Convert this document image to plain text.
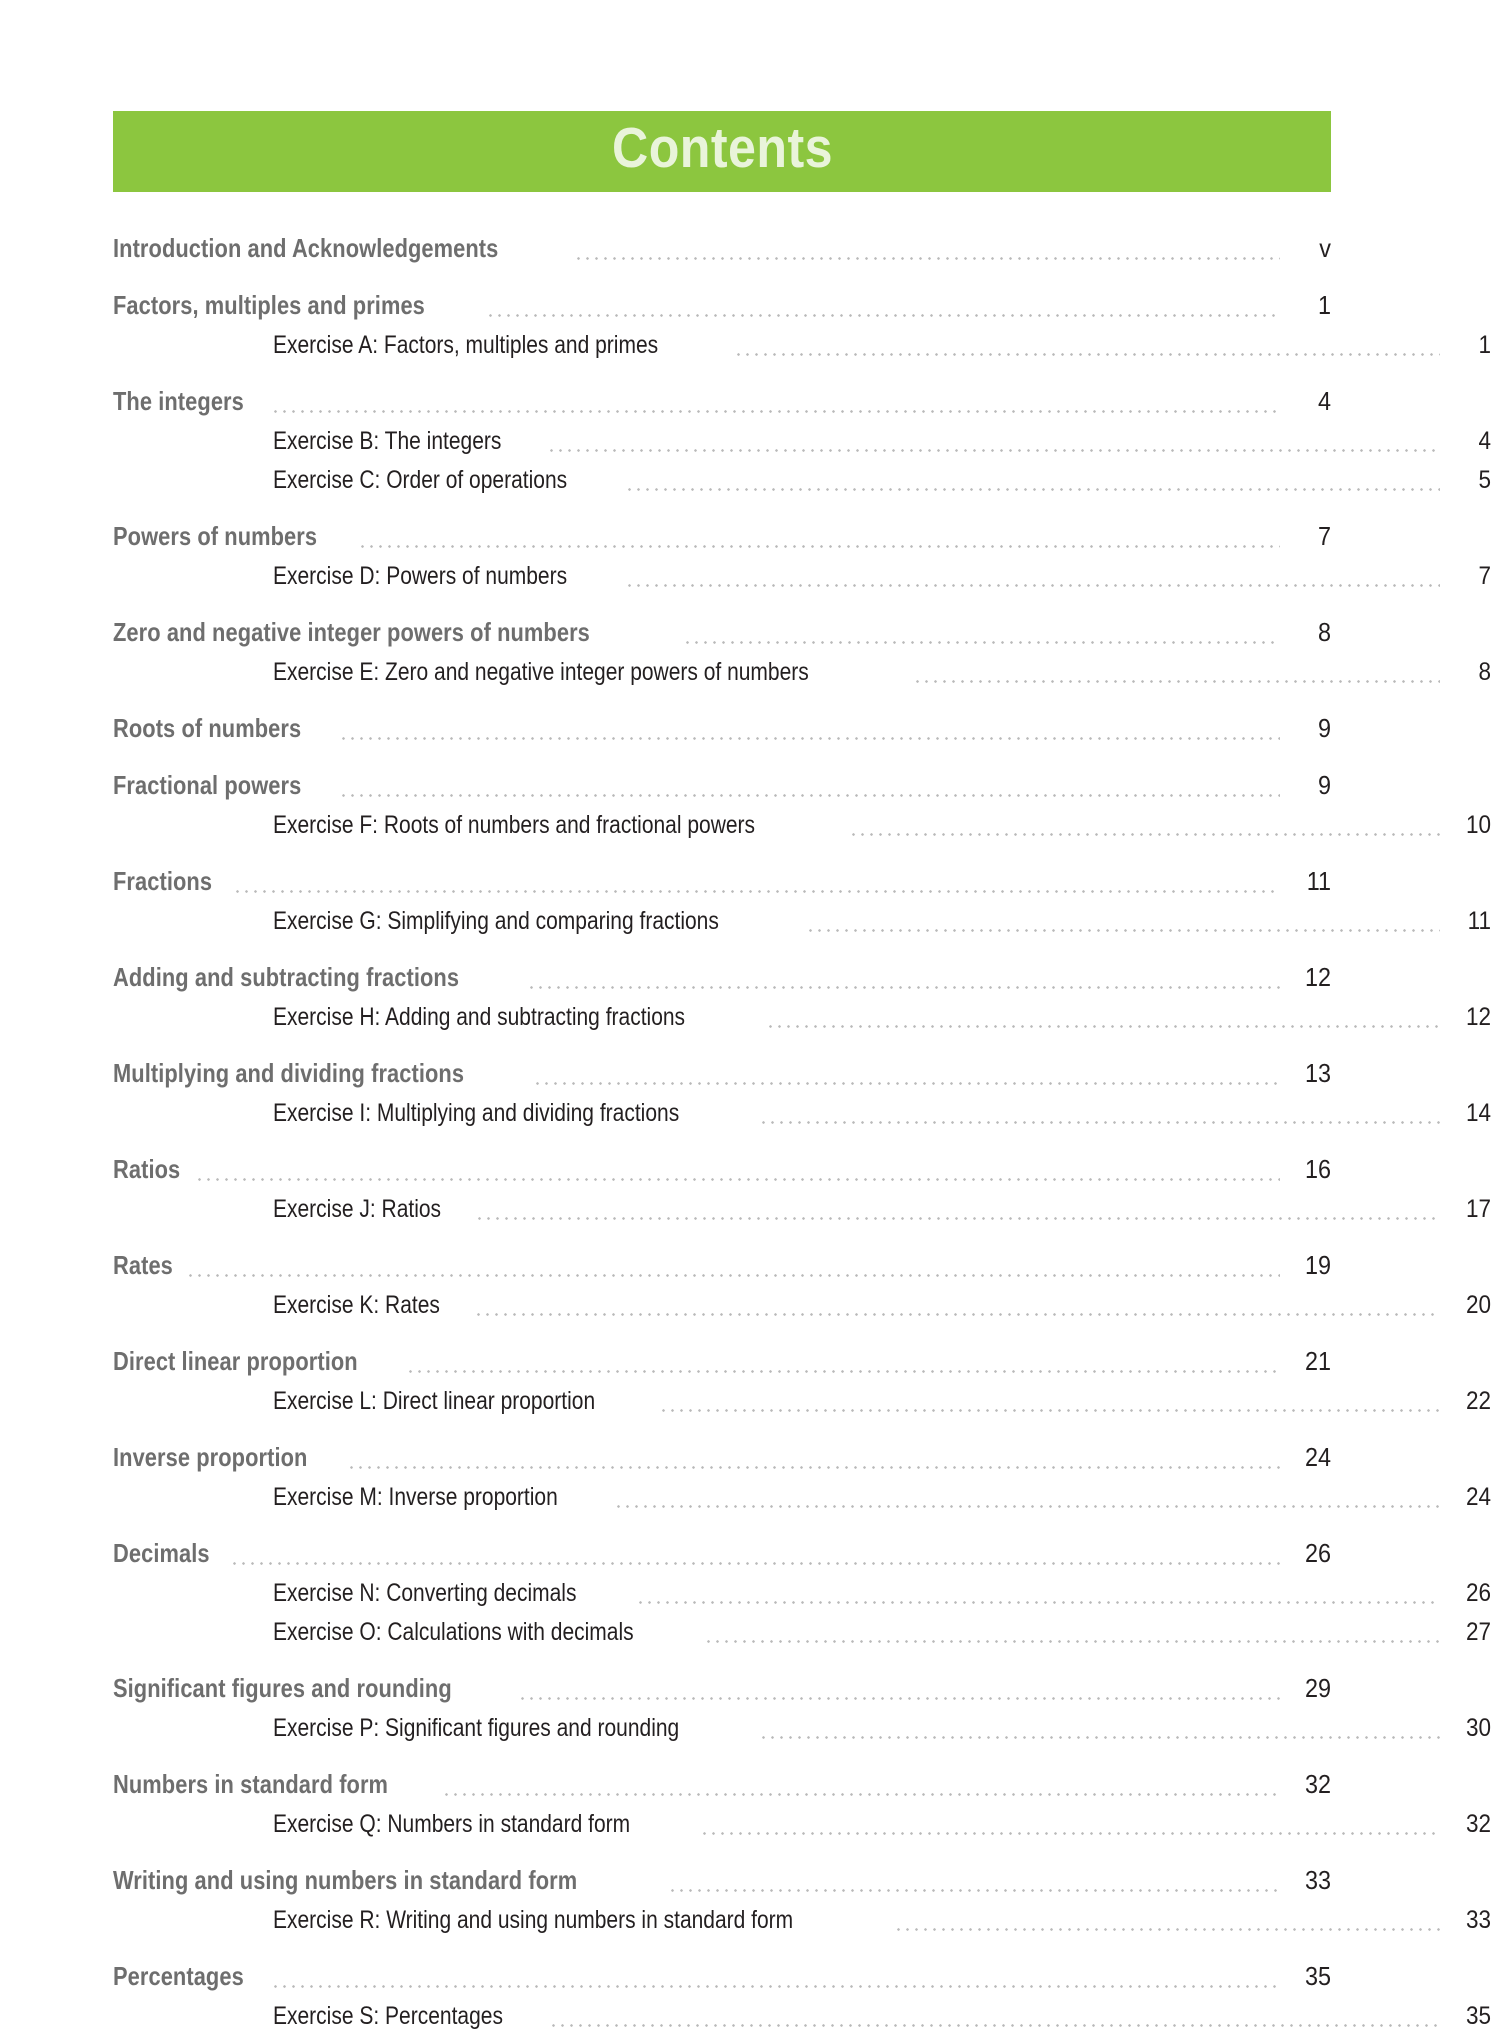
Contents
Introduction and Acknowledgements	v
Factors, multiples and primes	1
Exercise A: Factors, multiples and primes	1
The integers	4
Exercise B: The integers	4
Exercise C: Order of operations	5
Powers of numbers	7
Exercise D: Powers of numbers	7
Zero and negative integer powers of numbers	8
Exercise E: Zero and negative integer powers of numbers	8
Roots of numbers	9
Fractional powers	9
Exercise F: Roots of numbers and fractional powers	10
Fractions	11
Exercise G: Simplifying and comparing fractions	11
Adding and subtracting fractions	12
Exercise H: Adding and subtracting fractions	12
Multiplying and dividing fractions	13
Exercise I: Multiplying and dividing fractions	14
Ratios	16
Exercise J: Ratios	17
Rates	19
Exercise K: Rates	20
Direct linear proportion	21
Exercise L: Direct linear proportion	22
Inverse proportion	24
Exercise M: Inverse proportion	24
Decimals	26
Exercise N: Converting decimals	26
Exercise O: Calculations with decimals	27
Significant figures and rounding	29
Exercise P: Significant figures and rounding	30
Numbers in standard form	32
Exercise Q: Numbers in standard form	32
Writing and using numbers in standard form	33
Exercise R: Writing and using numbers in standard form	33
Percentages	35
Exercise S: Percentages	35
